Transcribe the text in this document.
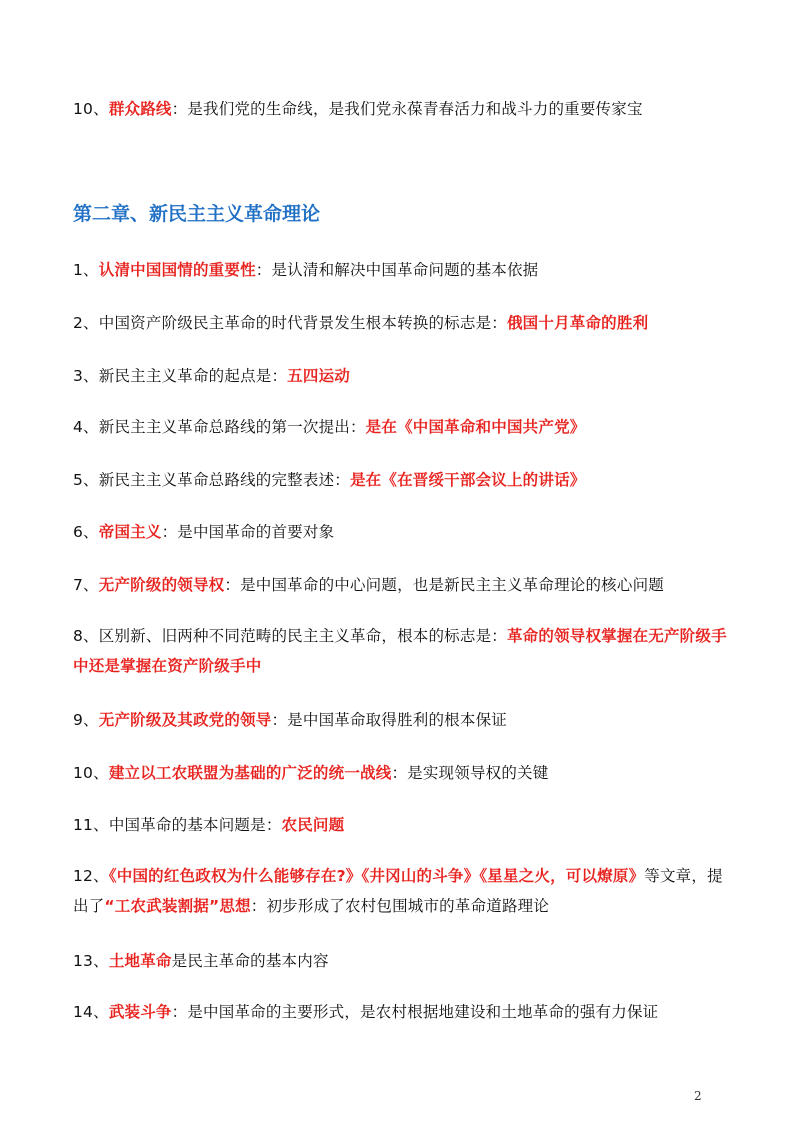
10、群众路线：是我们党的生命线，是我们党永葆青春活力和战斗力的重要传家宝
第二章、新民主主义革命理论
1、认清中国国情的重要性：是认清和解决中国革命问题的基本依据
2、中国资产阶级民主革命的时代背景发生根本转换的标志是：俄国十月革命的胜利
3、新民主主义革命的起点是：五四运动
4、新民主主义革命总路线的第一次提出：是在《中国革命和中国共产党》
5、新民主主义革命总路线的完整表述：是在《在晋绥干部会议上的讲话》
6、帝国主义：是中国革命的首要对象
7、无产阶级的领导权：是中国革命的中心问题，也是新民主主义革命理论的核心问题
8、区别新、旧两种不同范畴的民主主义革命，根本的标志是：革命的领导权掌握在无产阶级手中还是掌握在资产阶级手中
9、无产阶级及其政党的领导：是中国革命取得胜利的根本保证
10、建立以工农联盟为基础的广泛的统一战线：是实现领导权的关键
11、中国革命的基本问题是：农民问题
12、《中国的红色政权为什么能够存在?》《井冈山的斗争》《星星之火，可以燎原》等文章，提出了“工农武装割据”思想：初步形成了农村包围城市的革命道路理论
13、土地革命是民主革命的基本内容
14、武装斗争：是中国革命的主要形式，是农村根据地建设和土地革命的强有力保证
2
